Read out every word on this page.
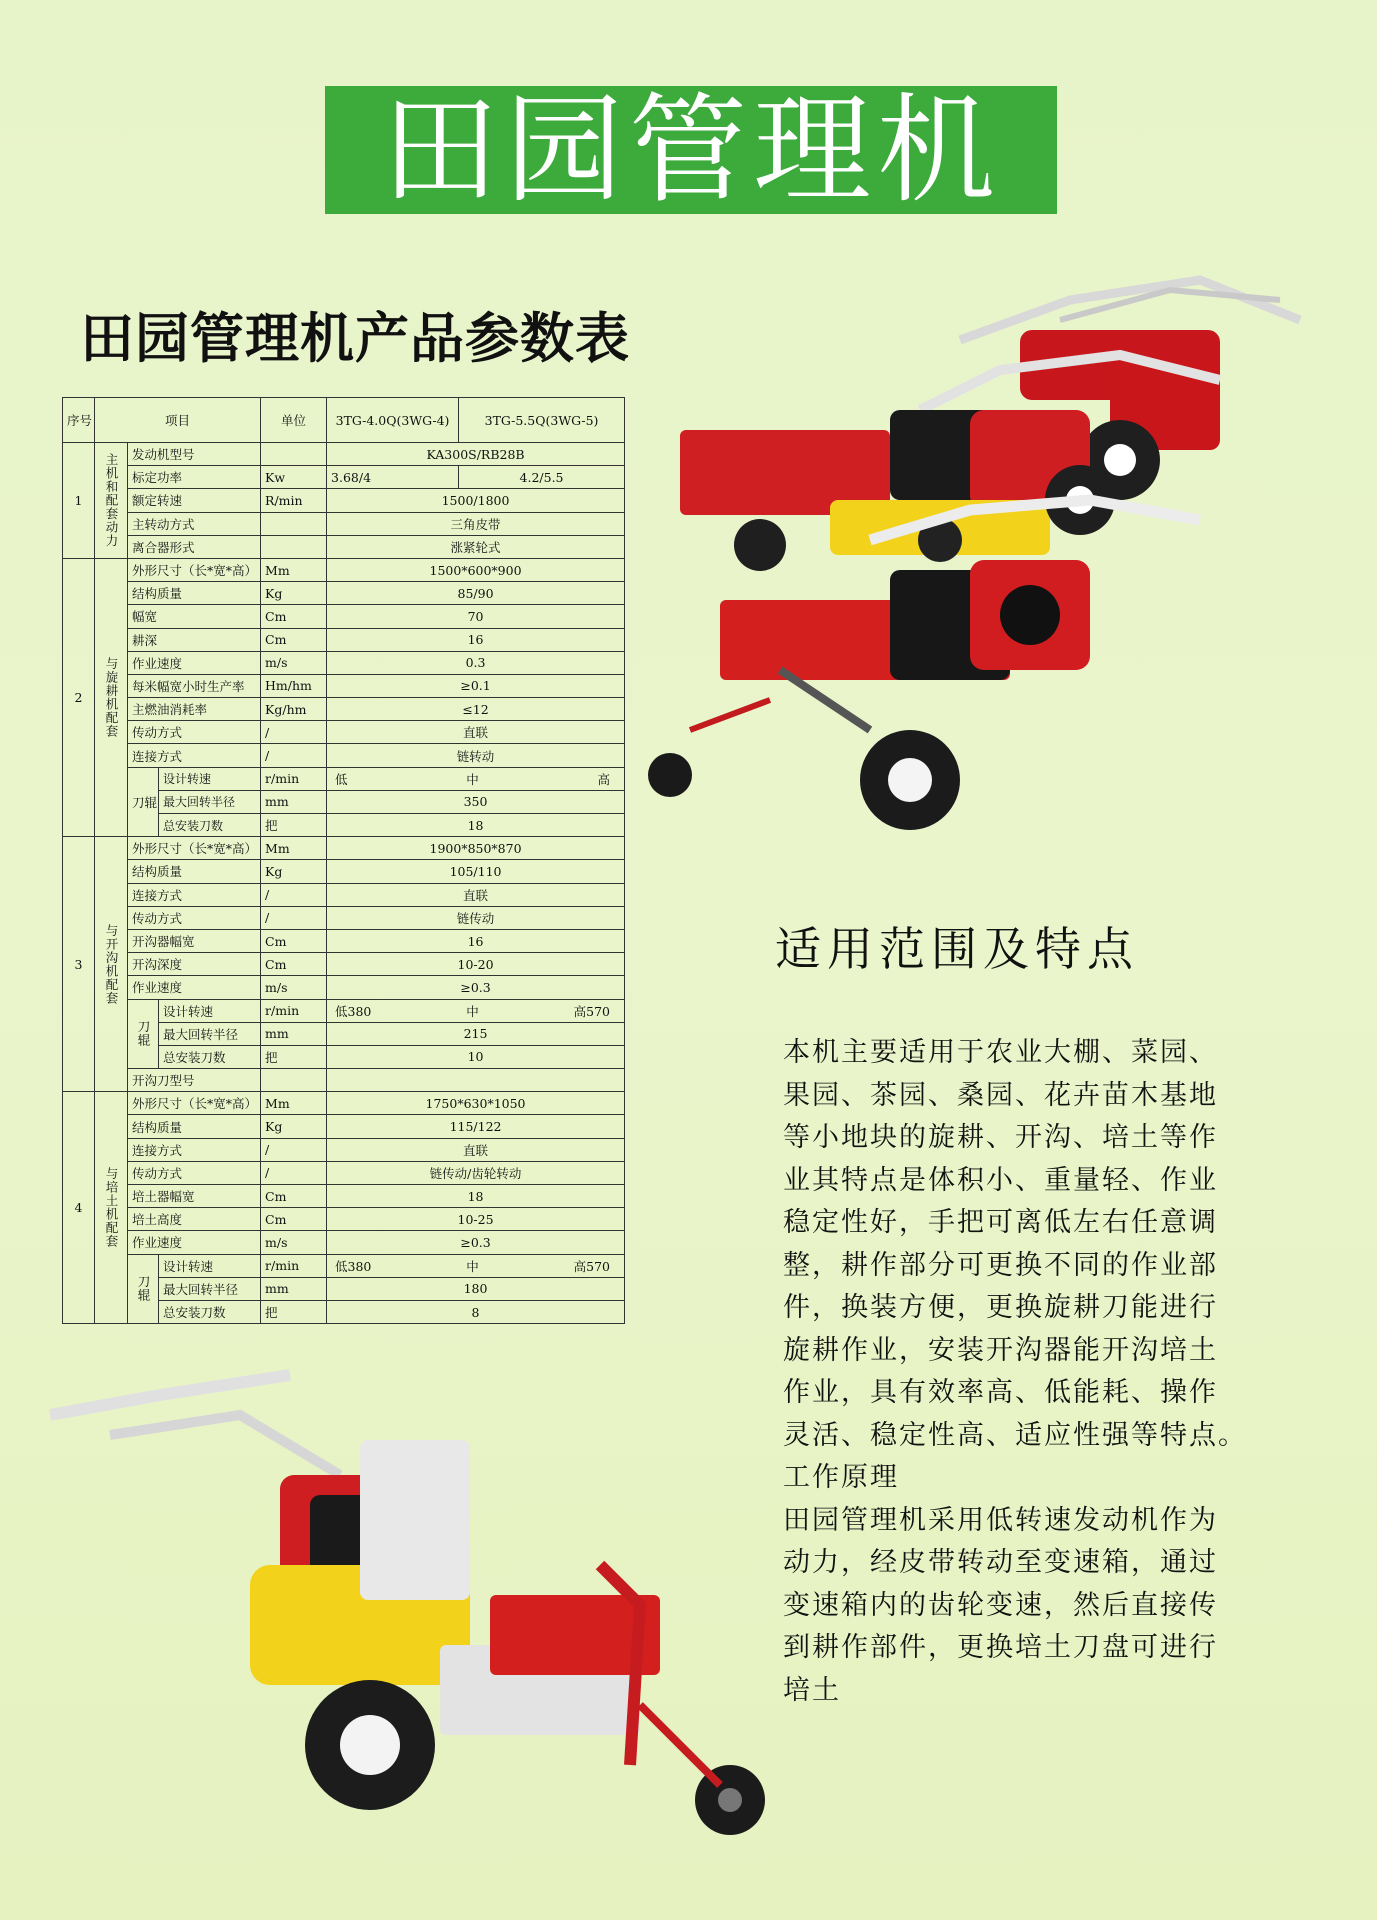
田园管理机
田园管理机产品参数表
序号	项目			单位	3TG-4.0Q(3WG-4)	3TG-5.5Q(3WG-5)
1	主机和配套动力	发动机型号			KA300S/RB28B	
		标定功率		Kw	3.68/4	4.2/5.5
		额定转速		R/min	1500/1800	
		主转动方式			三角皮带	
		离合器形式			涨紧轮式	
2	与旋耕机配套	外形尺寸（长*宽*高）		Mm	1500*600*900	
		结构质量		Kg	85/90	
		幅宽		Cm	70	
		耕深		Cm	16	
		作业速度		m/s	0.3	
		每米幅宽小时生产率		Hm/hm	≥0.1	
		主燃油消耗率		Kg/hm	≤12	
		传动方式		/	直联	
		连接方式		/	链转动	
		刀辊	设计转速	r/min	低 中 高	

			最大回转半径	mm	350	
			总安装刀数	把	18	
3	与开沟机配套	外形尺寸（长*宽*高）		Mm	1900*850*870	
		结构质量		Kg	105/110	
		连接方式		/	直联	
		传动方式		/	链传动	
		开沟器幅宽		Cm	16	
		开沟深度		Cm	10-20	
		作业速度		m/s	≥0.3	
		刀辊	设计转速	r/min	低380 中 高570	

			最大回转半径	mm	215	
			总安装刀数	把	10	
		开沟刀型号				
4	与培土机配套	外形尺寸（长*宽*高）		Mm	1750*630*1050	
		结构质量		Kg	115/122	
		连接方式		/	直联	
		传动方式		/	链传动/齿轮转动	
		培土器幅宽		Cm	18	
		培土高度		Cm	10-25	
		作业速度		m/s	≥0.3	
		刀辊	设计转速	r/min	低380 中 高570	

			最大回转半径	mm	180	
			总安装刀数	把	8	
适用范围及特点

本机主要适用于农业大棚、菜园、

果园、茶园、桑园、花卉苗木基地

等小地块的旋耕、开沟、培土等作

业其特点是体积小、重量轻、作业

稳定性好，手把可离低左右任意调

整，耕作部分可更换不同的作业部

件，换装方便，更换旋耕刀能进行

旋耕作业，安装开沟器能开沟培土

作业，具有效率高、低能耗、操作

灵活、稳定性高、适应性强等特点。

工作原理

田园管理机采用低转速发动机作为

动力，经皮带转动至变速箱，通过

变速箱内的齿轮变速，然后直接传

到耕作部件，更换培土刀盘可进行

培土
